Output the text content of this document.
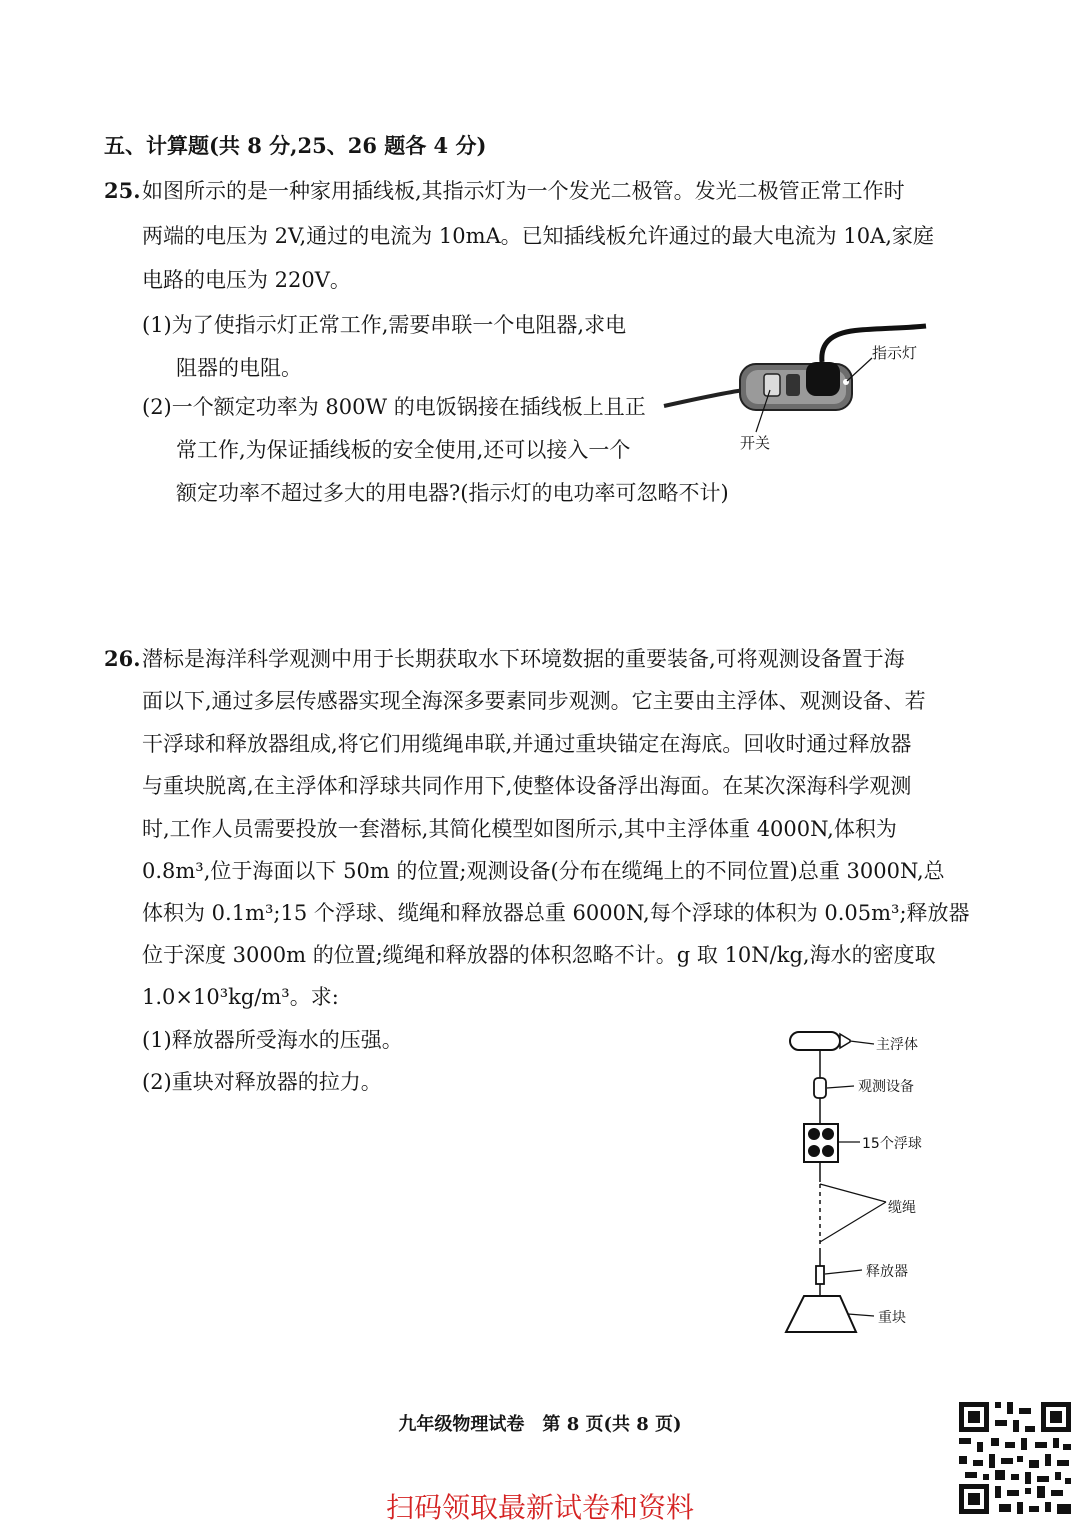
五、计算题(共 8 分,25、26 题各 4 分)
25. 如图所示的是一种家用插线板,其指示灯为一个发光二极管。发光二极管正常工作时
两端的电压为 2V,通过的电流为 10mA。已知插线板允许通过的最大电流为 10A,家庭
电路的电压为 220V。
(1)为了使指示灯正常工作,需要串联一个电阻器,求电
阻器的电阻。
(2)一个额定功率为 800W 的电饭锅接在插线板上且正
常工作,为保证插线板的安全使用,还可以接入一个
额定功率不超过多大的用电器?(指示灯的电功率可忽略不计)
指示灯
开关
26. 潜标是海洋科学观测中用于长期获取水下环境数据的重要装备,可将观测设备置于海
面以下,通过多层传感器实现全海深多要素同步观测。它主要由主浮体、观测设备、若
干浮球和释放器组成,将它们用缆绳串联,并通过重块锚定在海底。回收时通过释放器
与重块脱离,在主浮体和浮球共同作用下,使整体设备浮出海面。在某次深海科学观测
时,工作人员需要投放一套潜标,其简化模型如图所示,其中主浮体重 4000N,体积为
0.8m³,位于海面以下 50m 的位置;观测设备(分布在缆绳上的不同位置)总重 3000N,总
体积为 0.1m³;15 个浮球、缆绳和释放器总重 6000N,每个浮球的体积为 0.05m³;释放器
位于深度 3000m 的位置;缆绳和释放器的体积忽略不计。g 取 10N/kg,海水的密度取
1.0×10³kg/m³。求:
(1)释放器所受海水的压强。
(2)重块对释放器的拉力。
主浮体
观测设备
15个浮球
缆绳
释放器
重块
九年级物理试卷　第 8 页(共 8 页)
扫码领取最新试卷和资料
